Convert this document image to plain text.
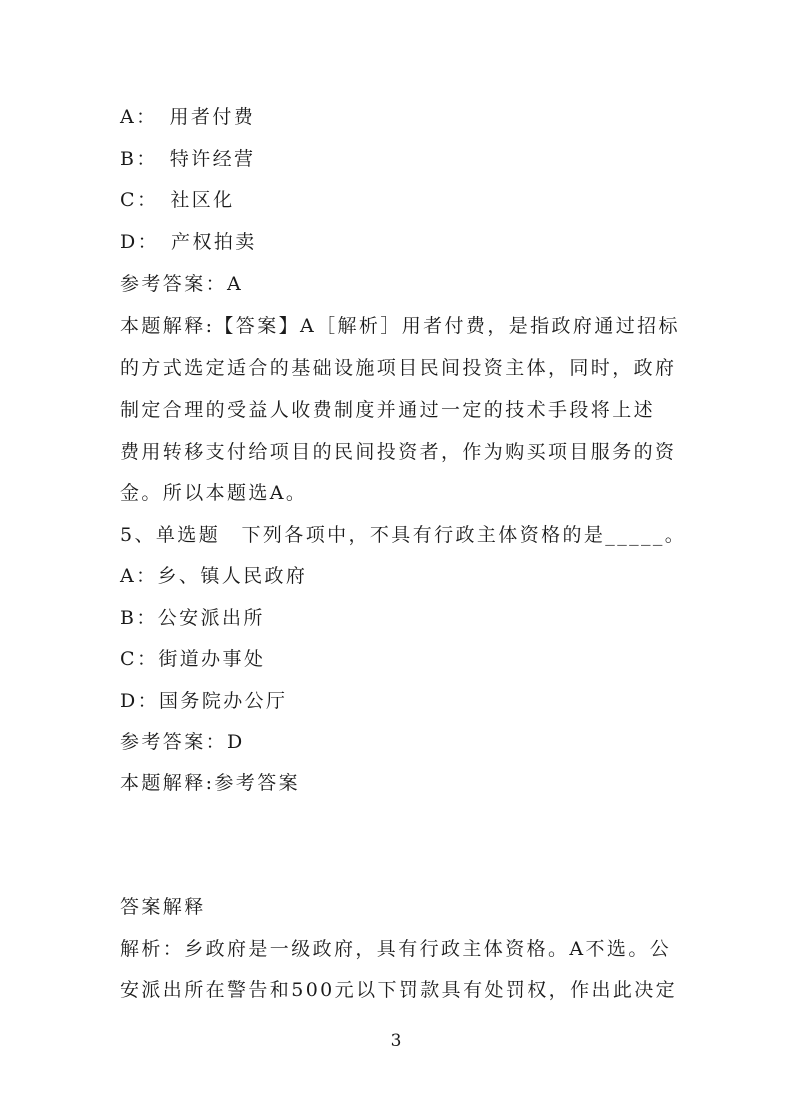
A： 用者付费
B： 特许经营
C： 社区化
D： 产权拍卖
参考答案：A
本题解释:【答案】A［解析］用者付费，是指政府通过招标
的方式选定适合的基础设施项目民间投资主体，同时，政府
制定合理的受益人收费制度并通过一定的技术手段将上述
费用转移支付给项目的民间投资者，作为购买项目服务的资
金。所以本题选A。
5、单选题　下列各项中，不具有行政主体资格的是_____。
A：乡、镇人民政府
B：公安派出所
C：街道办事处
D：国务院办公厅
参考答案：D
本题解释:参考答案
答案解释
解析：乡政府是一级政府，具有行政主体资格。A不选。公
安派出所在警告和500元以下罚款具有处罚权，作出此决定
3
